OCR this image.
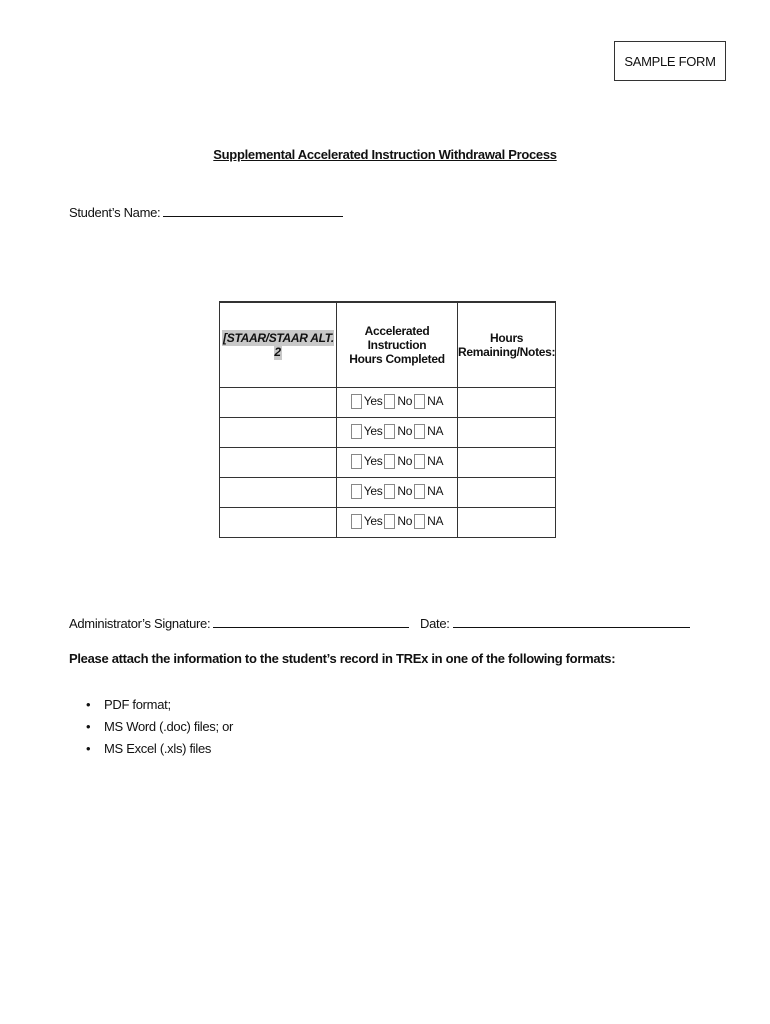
SAMPLE FORM
Supplemental Accelerated Instruction Withdrawal Process
Student’s Name:
[STAAR/STAAR ALT. 2	Accelerated Instruction
Hours Completed	Hours
Remaining/Notes:

	Yes No NA	

	Yes No NA	

	Yes No NA	

	Yes No NA	

	Yes No NA	

Administrator’s Signature:	Date:
Please attach the information to the student’s record in TREx in one of the following formats:
• PDF format;
• MS Word (.doc) files; or
• MS Excel (.xls) files
